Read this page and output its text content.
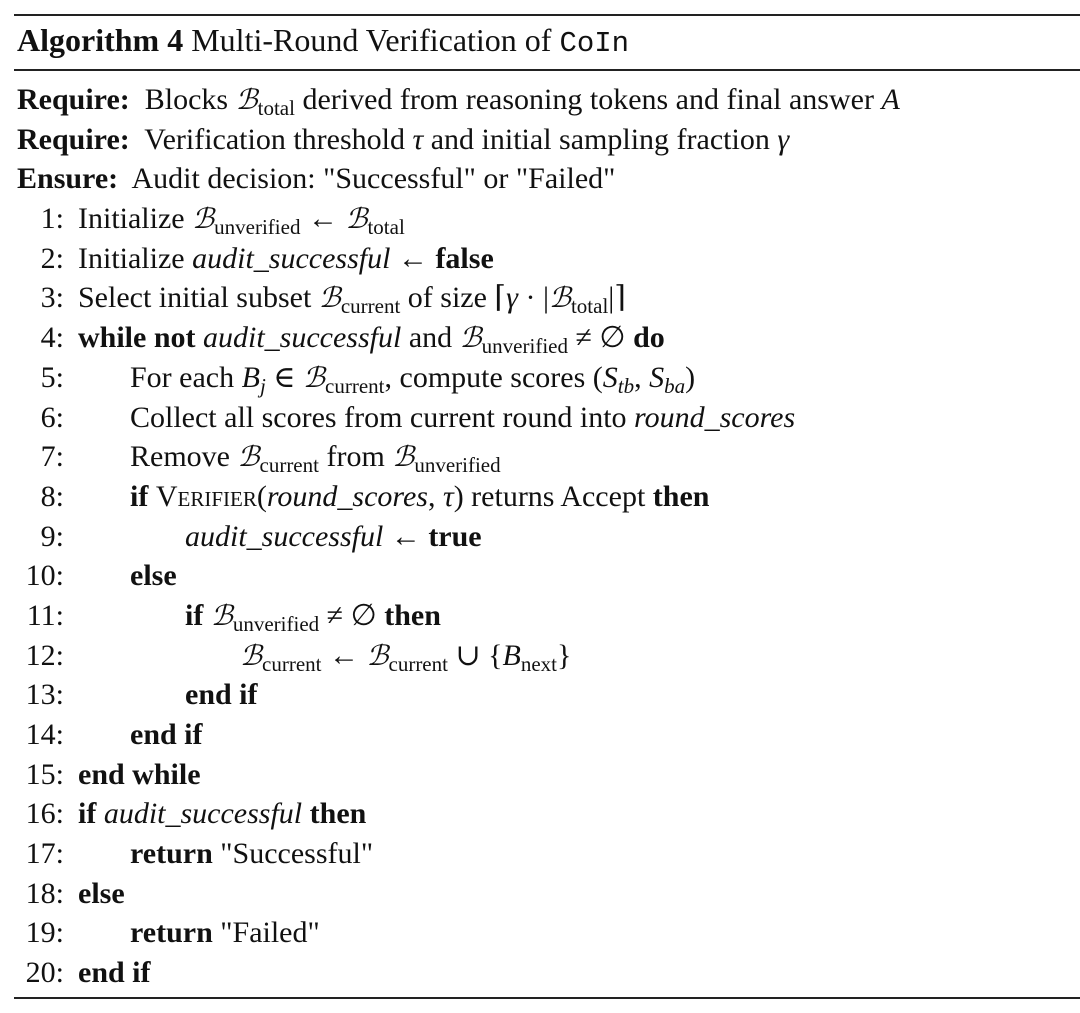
Algorithm 4 Multi-Round Verification of CoIn
Require:  Blocks ℬ$_{total}$ derived from reasoning tokens and final answer A
Require:  Verification threshold τ and initial sampling fraction γ
Ensure:  Audit decision: "Successful" or "Failed"
1: Initialize ℬ$_{unverified}$ ← ℬ$_{total}$
2: Initialize audit_successful ← false
3: Select initial subset ℬ$_{current}$ of size ⌈γ · |ℬ$_{total}$|⌉
4: while not audit_successful and ℬ$_{unverified}$ ≠ ∅ do
5:	For each $B_j$ ∈ ℬ$_{current}$, compute scores ($S_{tb}$, $S_{ba}$)
6:	Collect all scores from current round into round_scores
7:	Remove ℬ$_{current}$ from ℬ$_{unverified}$
8:	if Verifier(round_scores, τ) returns Accept then
9:	audit_successful ← true
10:	else
11:	if ℬ$_{unverified}$ ≠ ∅ then
12:	ℬ$_{current}$ ← ℬ$_{current}$ ∪ $\{B_{next}\}$
13:	end if
14:	end if
15: end while
16: if audit_successful then
17:	return "Successful"
18: else
19:	return "Failed"
20: end if
